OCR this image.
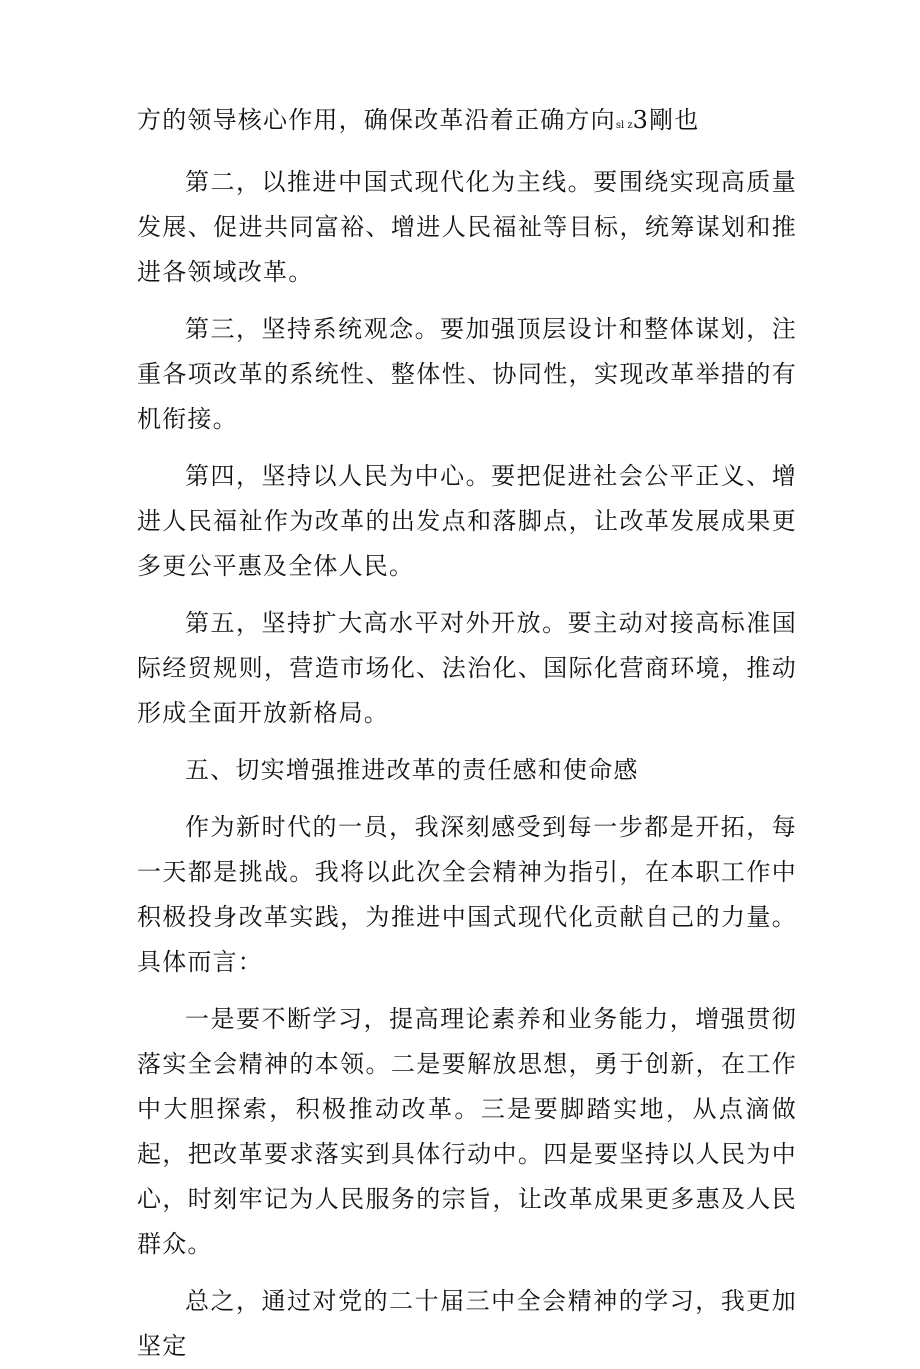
方的领导核心作用，确保改革沿着正确方向sl z3剛也

第二，以推进中国式现代化为主线。要围绕实现高质量发展、促进共同富裕、增进人民福祉等目标，统筹谋划和推进各领域改革。

第三，坚持系统观念。要加强顶层设计和整体谋划，注重各项改革的系统性、整体性、协同性，实现改革举措的有机衔接。

第四，坚持以人民为中心。要把促进社会公平正义、增进人民福祉作为改革的出发点和落脚点，让改革发展成果更多更公平惠及全体人民。

第五，坚持扩大高水平对外开放。要主动对接高标准国际经贸规则，营造市场化、法治化、国际化营商环境，推动形成全面开放新格局。

五、切实增强推进改革的责任感和使命感

作为新时代的一员，我深刻感受到每一步都是开拓，每一天都是挑战。我将以此次全会精神为指引，在本职工作中积极投身改革实践，为推进中国式现代化贡献自己的力量。具体而言：

一是要不断学习，提高理论素养和业务能力，增强贯彻落实全会精神的本领。二是要解放思想，勇于创新，在工作中大胆探索，积极推动改革。三是要脚踏实地，从点滴做起，把改革要求落实到具体行动中。四是要坚持以人民为中心，时刻牢记为人民服务的宗旨，让改革成果更多惠及人民群众。

总之，通过对党的二十届三中全会精神的学习，我更加坚定
